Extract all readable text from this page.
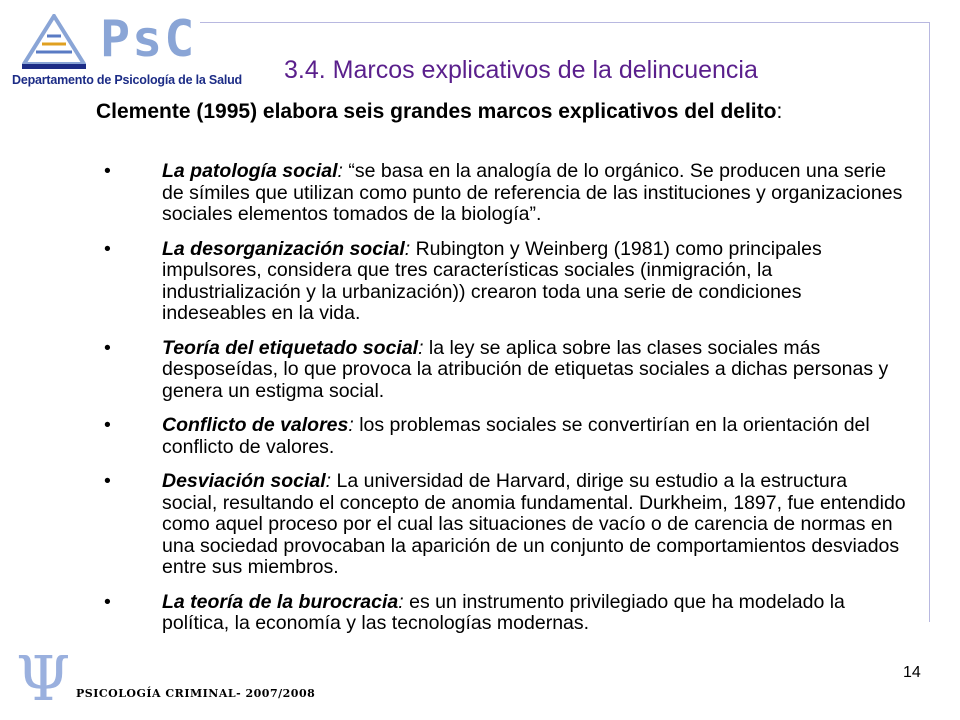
PsC
Departamento de Psicología de la Salud 3.4. Marcos explicativos de la delincuencia
Clemente (1995) elabora seis grandes marcos explicativos del delito:
•	La patología social: “se basa en la analogía de lo orgánico. Se producen una serie de símiles que utilizan como punto de referencia de las instituciones y organizaciones sociales elementos tomados de la biología”.
•	La desorganización social: Rubington y Weinberg (1981) como principales impulsores, considera que tres características sociales (inmigración, la industrialización y la urbanización)) crearon toda una serie de condiciones indeseables en la vida.
•	Teoría del etiquetado social: la ley se aplica sobre las clases sociales más desposeídas, lo que provoca la atribución de etiquetas sociales a dichas personas y genera un estigma social.
•	Conflicto de valores: los problemas sociales se convertirían en la orientación del conflicto de valores.
•	Desviación social: La universidad de Harvard, dirige su estudio a la estructura social, resultando el concepto de anomia fundamental. Durkheim, 1897, fue entendido como aquel proceso por el cual las situaciones de vacío o de carencia de normas en una sociedad provocaban la aparición de un conjunto de comportamientos desviados entre sus miembros.
•	La teoría de la burocracia: es un instrumento privilegiado que ha modelado la política, la economía y las tecnologías modernas.
Ψ PSICOLOGÍA CRIMINAL- 2007/2008
14
